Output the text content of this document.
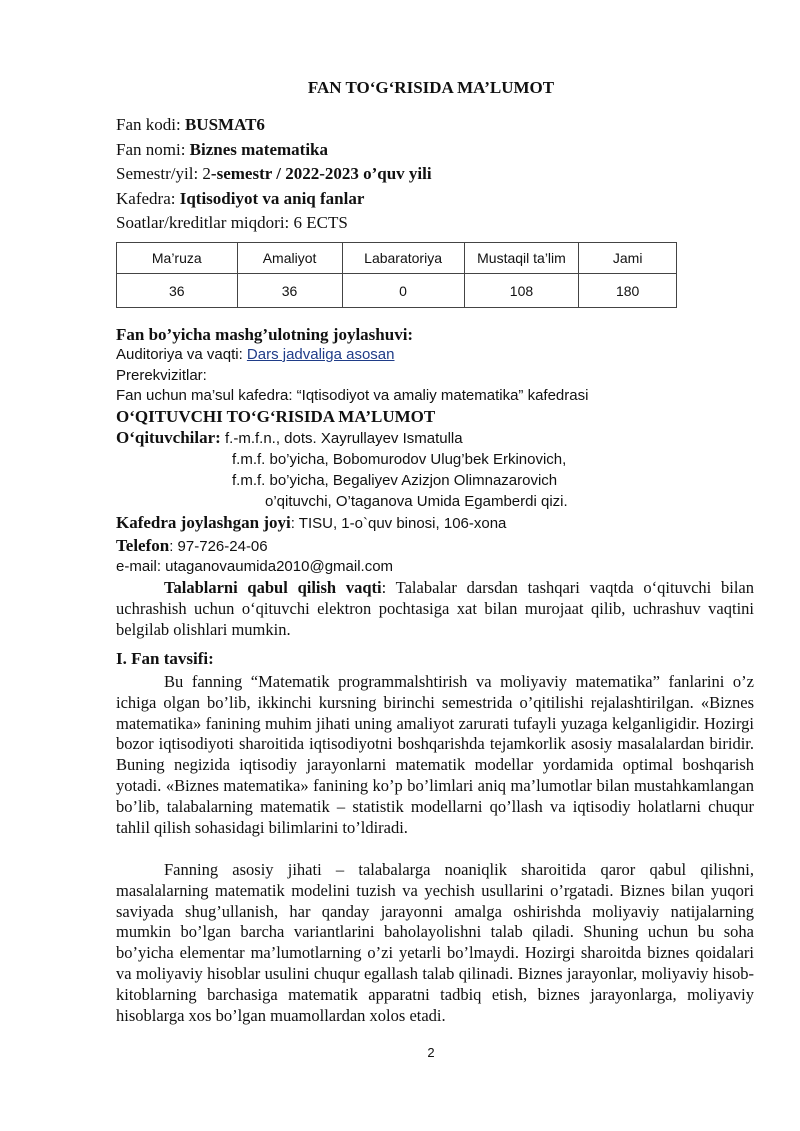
FAN TO‘G‘RISIDA MA’LUMOT
Fan kodi: BUSMAT6
Fan nomi: Biznes matematika
Semestr/yil: 2-semestr / 2022-2023 o’quv yili
Kafedra: Iqtisodiyot va aniq fanlar
Soatlar/kreditlar miqdori: 6 ECTS
Ma’ruza	Amaliyot	Labaratoriya	Mustaqil ta’lim	Jami
36	36	0	108	180
Fan bo’yicha mashg’ulotning joylashuvi:
Auditoriya va vaqti: Dars jadvaliga asosan
Prerekvizitlar:
Fan uchun ma’sul kafedra: “Iqtisodiyot va amaliy matematika” kafedrasi
O‘QITUVCHI TO‘G‘RISIDA MA’LUMOT
O‘qituvchilar: f.-m.f.n., dots. Xayrullayev Ismatulla
f.m.f. bo’yicha, Bobomurodov Ulug’bek Erkinovich,
f.m.f. bo’yicha, Begaliyev Azizjon Olimnazarovich
o’qituvchi, O’taganova Umida Egamberdi qizi.
Kafedra joylashgan joyi: TISU, 1-o`quv binosi, 106-xona
Telefon: 97-726-24-06
e-mail: utaganovaumida2010@gmail.com
Talablarni qabul qilish vaqti: Talabalar darsdan tashqari vaqtda o‘qituvchi bilan uchrashish uchun o‘qituvchi elektron pochtasiga xat bilan murojaat qilib, uchrashuv vaqtini belgilab olishlari mumkin.
I. Fan tavsifi:
Bu fanning “Matematik programmalshtirish va moliyaviy matematika” fanlarini o’z ichiga olgan bo’lib, ikkinchi kursning birinchi semestrida o’qitilishi rejalashtirilgan. «Biznes matematika» fanining muhim jihati uning amaliyot zarurati tufayli yuzaga kelganligidir. Hozirgi bozor iqtisodiyoti sharoitida iqtisodiyotni boshqarishda tejamkorlik asosiy masalalardan biridir. Buning negizida iqtisodiy jarayonlarni matematik modellar yordamida optimal boshqarish yotadi. «Biznes matematika» fanining ko’p bo’limlari aniq ma’lumotlar bilan mustahkamlangan bo’lib, talabalarning matematik – statistik modellarni qo’llash va iqtisodiy holatlarni chuqur tahlil qilish sohasidagi bilimlarini to’ldiradi.
Fanning asosiy jihati – talabalarga noaniqlik sharoitida qaror qabul qilishni, masalalarning matematik modelini tuzish va yechish usullarini o’rgatadi. Biznes bilan yuqori saviyada shug’ullanish, har qanday jarayonni amalga oshirishda moliyaviy natijalarning mumkin bo’lgan barcha variantlarini baholayolishni talab qiladi. Shuning uchun bu soha bo’yicha elementar ma’lumotlarning o’zi yetarli bo’lmaydi. Hozirgi sharoitda biznes qoidalari va moliyaviy hisoblar usulini chuqur egallash talab qilinadi. Biznes jarayonlar, moliyaviy hisob-kitoblarning barchasiga matematik apparatni tadbiq etish, biznes jarayonlarga, moliyaviy hisoblarga xos bo’lgan muamollardan xolos etadi.
2
